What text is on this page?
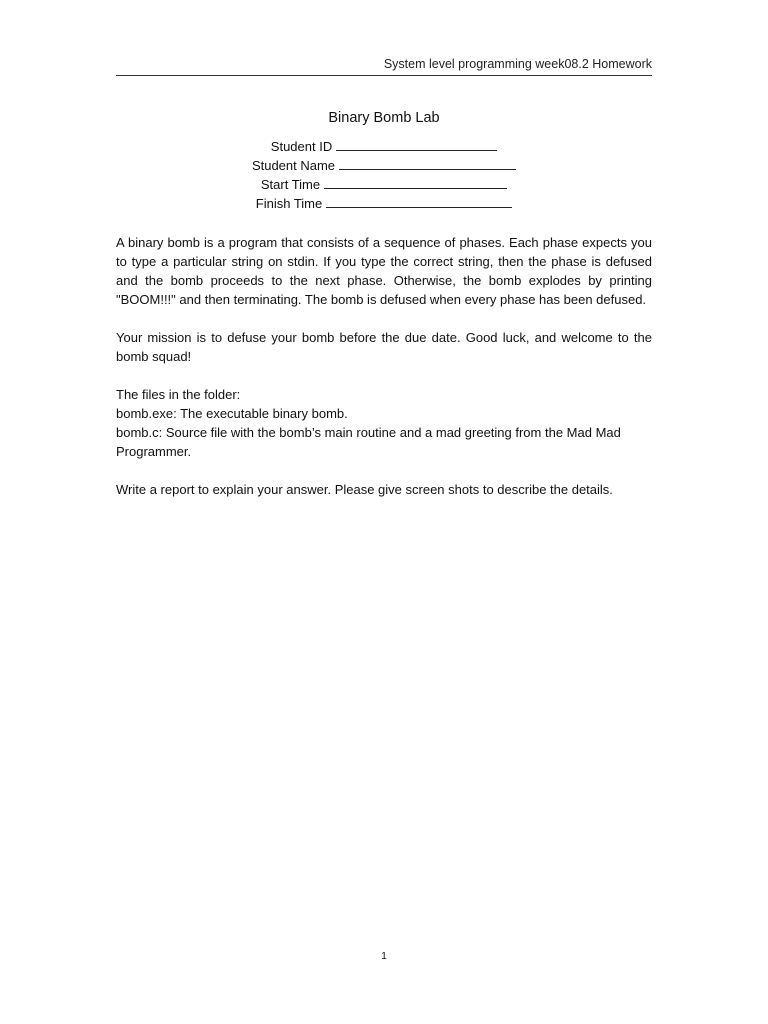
System level programming week08.2 Homework
Binary Bomb Lab
Student ID
Student Name
Start Time
Finish Time

A binary bomb is a program that consists of a sequence of phases. Each phase expects you to type a particular string on stdin. If you type the correct string, then the phase is defused and the bomb proceeds to the next phase. Otherwise, the bomb explodes by printing "BOOM!!!" and then terminating. The bomb is defused when every phase has been defused.

Your mission is to defuse your bomb before the due date. Good luck, and welcome to the bomb squad!

The files in the folder:
bomb.exe: The executable binary bomb.
bomb.c: Source file with the bomb’s main routine and a mad greeting from the Mad Mad Programmer.

Write a report to explain your answer. Please give screen shots to describe the details.

1
